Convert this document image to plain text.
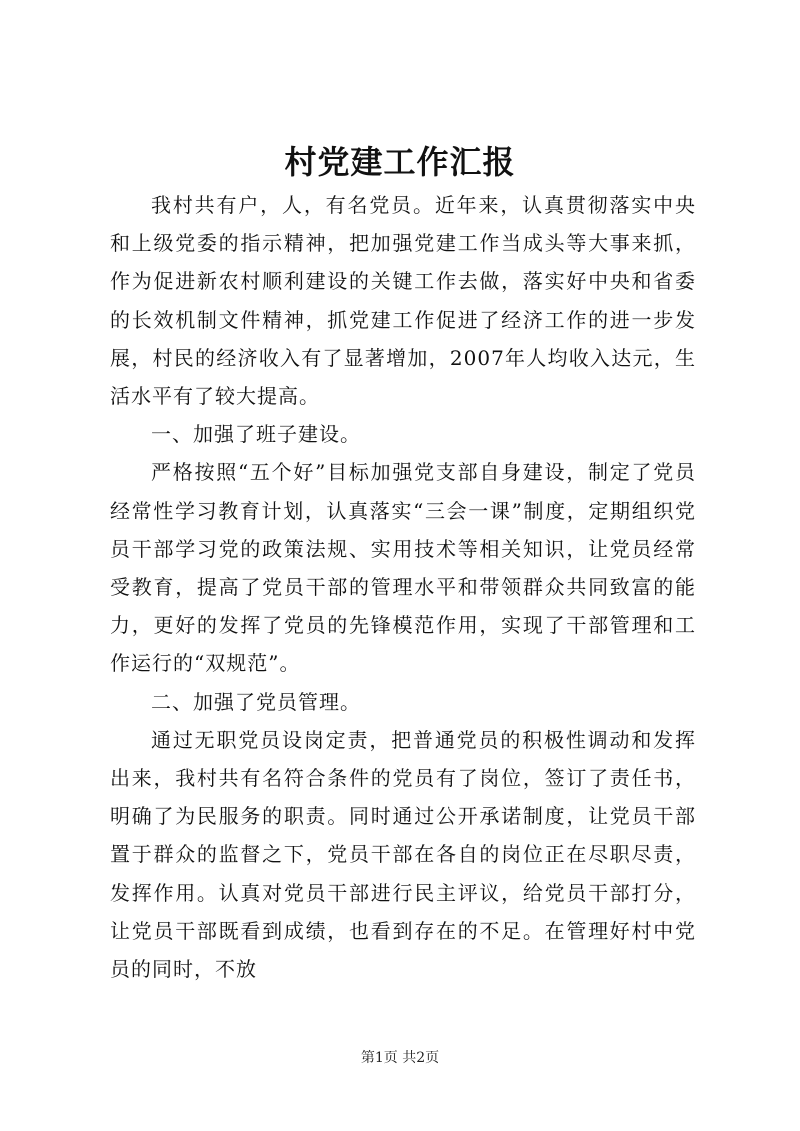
村党建工作汇报

我村共有户，人，有名党员。近年来，认真贯彻落实中央和上级党委的指示精神，把加强党建工作当成头等大事来抓，作为促进新农村顺利建设的关键工作去做，落实好中央和省委的长效机制文件精神，抓党建工作促进了经济工作的进一步发展，村民的经济收入有了显著增加，2007年人均收入达元，生活水平有了较大提高。

一、加强了班子建设。

严格按照“五个好”目标加强党支部自身建设，制定了党员经常性学习教育计划，认真落实“三会一课”制度，定期组织党员干部学习党的政策法规、实用技术等相关知识，让党员经常受教育，提高了党员干部的管理水平和带领群众共同致富的能力，更好的发挥了党员的先锋模范作用，实现了干部管理和工作运行的“双规范”。

二、加强了党员管理。

通过无职党员设岗定责，把普通党员的积极性调动和发挥出来，我村共有名符合条件的党员有了岗位，签订了责任书，明确了为民服务的职责。同时通过公开承诺制度，让党员干部置于群众的监督之下，党员干部在各自的岗位正在尽职尽责，发挥作用。认真对党员干部进行民主评议，给党员干部打分，让党员干部既看到成绩，也看到存在的不足。在管理好村中党员的同时，不放

第1页 共2页
